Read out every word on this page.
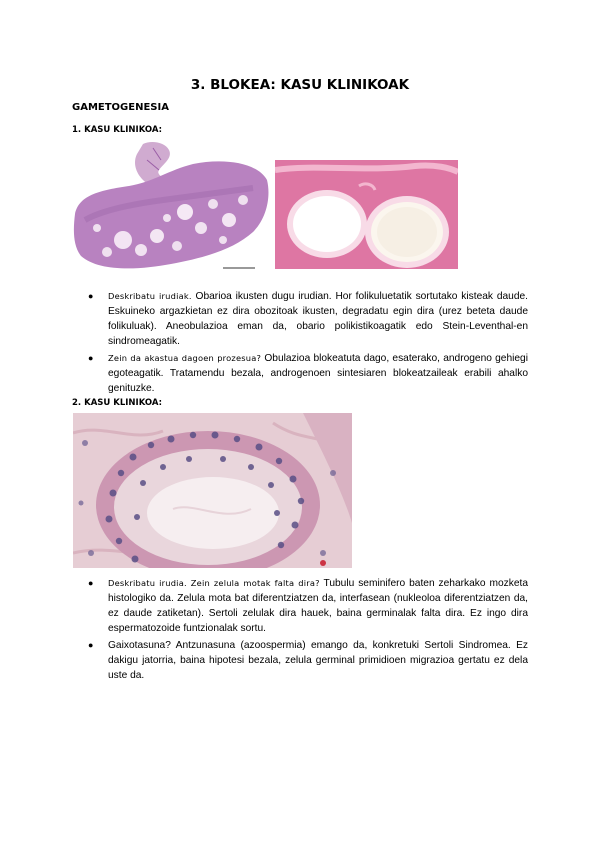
3. BLOKEA: KASU KLINIKOAK
GAMETOGENESIA
1. KASU KLINIKOA:
● Deskribatu irudiak. Obarioa ikusten dugu irudian. Hor folikuluetatik sortutako kisteak daude. Eskuineko argazkietan ez dira obozitoak ikusten, degradatu egin dira (urez beteta daude folikuluak). Aneobulazioa eman da, obario polikistikoagatik edo Stein-Leventhal-en sindromeagatik.
● Zein da akastua dagoen prozesua? Obulazioa blokeatuta dago, esaterako, androgeno gehiegi egoteagatik. Tratamendu bezala, androgenoen sintesiaren blokeatzaileak erabili ahalko genituzke.
2. KASU KLINIKOA:
● Deskribatu irudia. Zein zelula motak falta dira? Tubulu seminifero baten zeharkako mozketa histologiko da. Zelula mota bat diferentziatzen da, interfasean (nukleoloa diferentziatzen da, ez daude zatiketan). Sertoli zelulak dira hauek, baina germinalak falta dira. Ez ingo dira espermatozoide funtzionalak sortu.
● Gaixotasuna? Antzunasuna (azoospermia) emango da, konkretuki Sertoli Sindromea. Ez dakigu jatorria, baina hipotesi bezala, zelula germinal primidioen migrazioa gertatu ez dela uste da.
